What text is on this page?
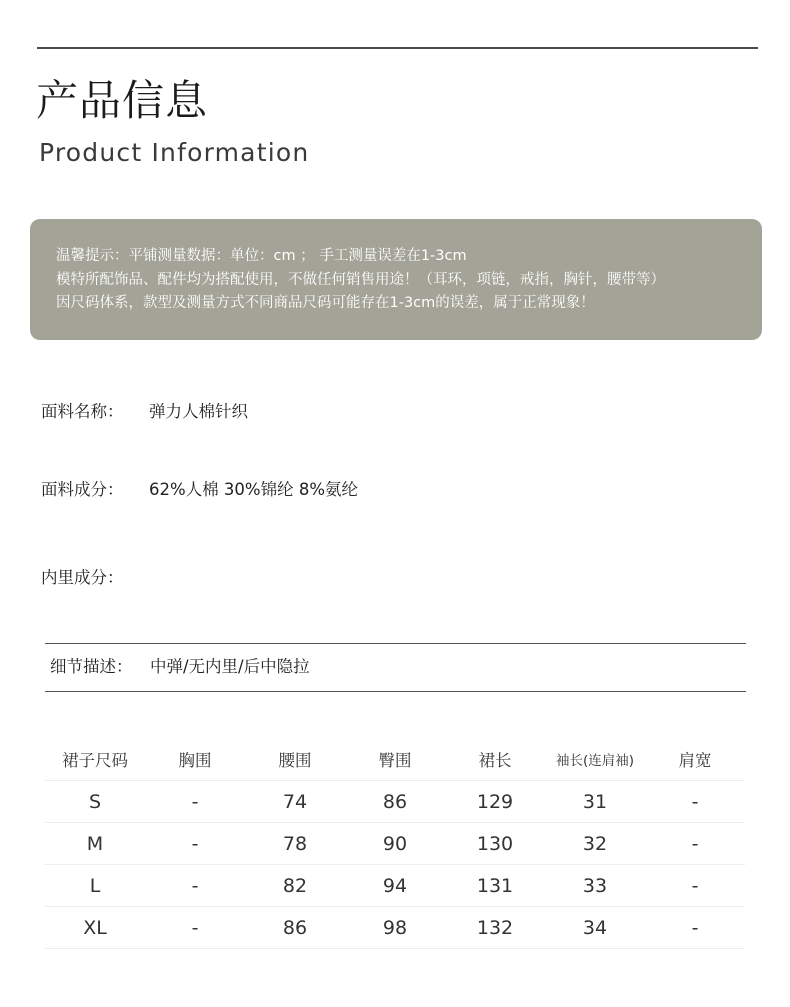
产品信息
Product Information
温馨提示：平铺测量数据：单位：cm ； 手工测量误差在1-3cm
模特所配饰品、配件均为搭配使用，不做任何销售用途！（耳环，项链，戒指，胸针，腰带等）
因尺码体系，款型及测量方式不同商品尺码可能存在1-3cm的误差，属于正常现象！
面料名称： 弹力人棉针织
面料成分： 62%人棉 30%锦纶 8%氨纶
内里成分：
细节描述： 中弹/无内里/后中隐拉
裙子尺码	胸围	腰围	臀围	裙长	袖长(连肩袖)	肩宽
S	-	74	86	129	31	-
M	-	78	90	130	32	-
L	-	82	94	131	33	-
XL	-	86	98	132	34	-
